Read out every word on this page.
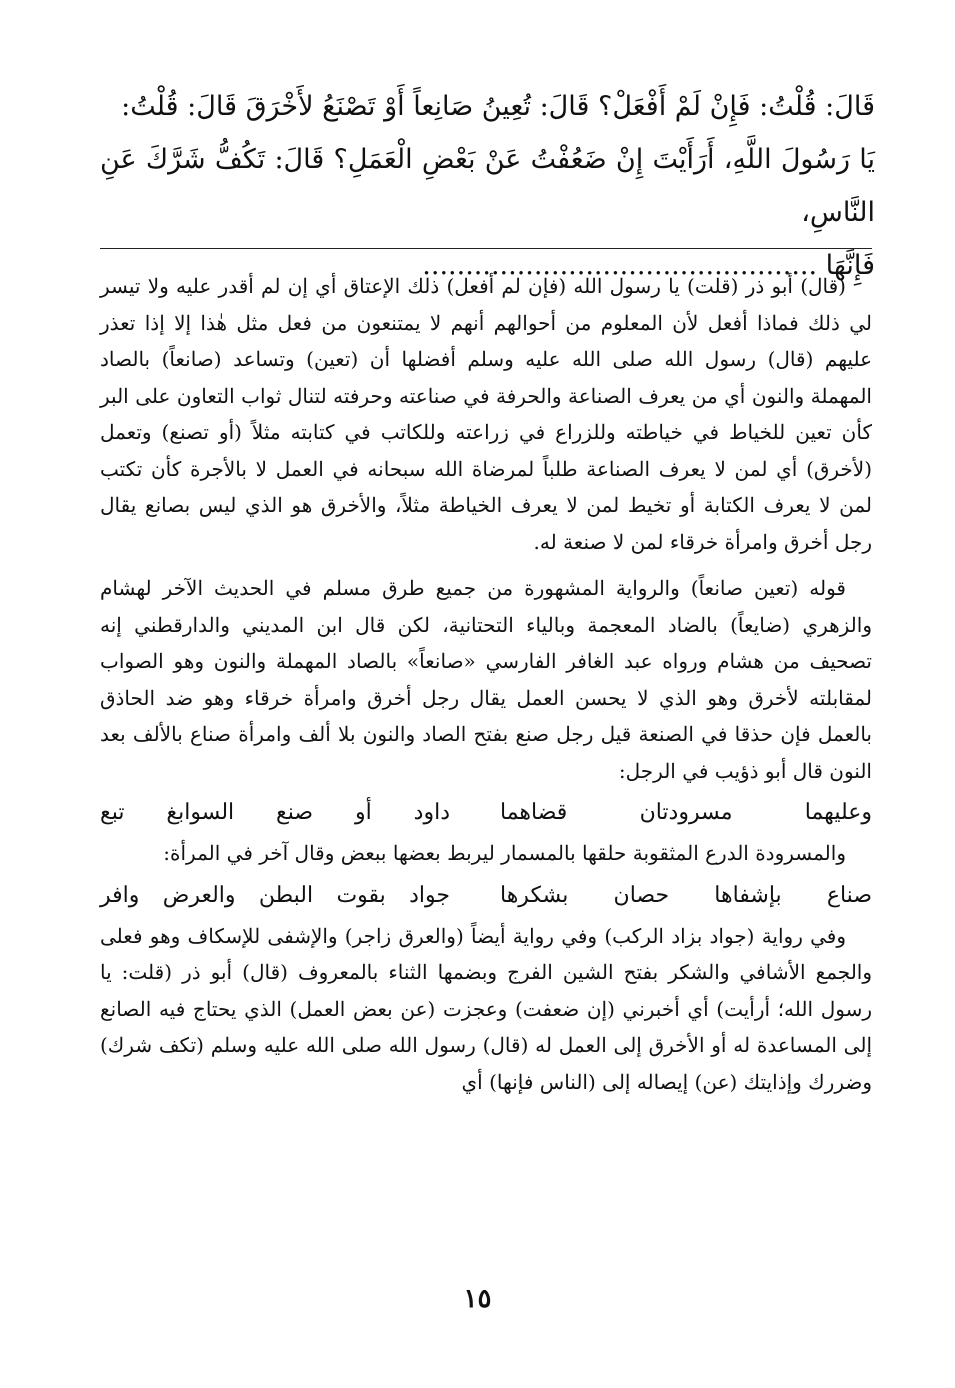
قَالَ: قُلْتُ: فَإِنْ لَمْ أَفْعَلْ؟ قَالَ: تُعِينُ صَانِعاً أَوْ تَصْنَعُ لأَخْرَقَ قَالَ: قُلْتُ:
يَا رَسُولَ اللَّهِ، أَرَأَيْتَ إِنْ ضَعُفْتُ عَنْ بَعْضِ الْعَمَلِ؟ قَالَ: تَكُفُّ شَرَّكَ عَنِ النَّاسِ،
فَإِنَّهَا ..............................................

(قال) أبو ذر (قلت) يا رسول الله (فإن لم أفعل) ذلك الإعتاق أي إن لم أقدر عليه ولا تيسر لي ذلك فماذا أفعل لأن المعلوم من أحوالهم أنهم لا يمتنعون من فعل مثل هٰذا إلا إذا تعذر عليهم (قال) رسول الله صلى الله عليه وسلم أفضلها أن (تعين) وتساعد (صانعاً) بالصاد المهملة والنون أي من يعرف الصناعة والحرفة في صناعته وحرفته لتنال ثواب التعاون على البر كأن تعين للخياط في خياطته وللزراع في زراعته وللكاتب في كتابته مثلاً (أو تصنع) وتعمل (لأخرق) أي لمن لا يعرف الصناعة طلباً لمرضاة الله سبحانه في العمل لا بالأجرة كأن تكتب لمن لا يعرف الكتابة أو تخيط لمن لا يعرف الخياطة مثلاً، والأخرق هو الذي ليس بصانع يقال رجل أخرق وامرأة خرقاء لمن لا صنعة له.

قوله (تعين صانعاً) والرواية المشهورة من جميع طرق مسلم في الحديث الآخر لهشام والزهري (ضايعاً) بالضاد المعجمة وبالياء التحتانية، لكن قال ابن المديني والدارقطني إنه تصحيف من هشام ورواه عبد الغافر الفارسي «صانعاً» بالصاد المهملة والنون وهو الصواب لمقابلته لأخرق وهو الذي لا يحسن العمل يقال رجل أخرق وامرأة خرقاء وهو ضد الحاذق بالعمل فإن حذقا في الصنعة قيل رجل صنع بفتح الصاد والنون بلا ألف وامرأة صناع بالألف بعد النون قال أبو ذؤيب في الرجل:

وعليهما مسرودتان قضاهما
داود أو صنع السوابغ تبع

والمسرودة الدرع المثقوبة حلقها بالمسمار ليربط بعضها ببعض وقال آخر في المرأة:

صناع بإشفاها حصان بشكرها
جواد بقوت البطن والعرض وافر

وفي رواية (جواد بزاد الركب) وفي رواية أيضاً (والعرق زاجر) والإشفى للإسكاف وهو فعلى والجمع الأشافي والشكر بفتح الشين الفرج وبضمها الثناء بالمعروف (قال) أبو ذر (قلت: يا رسول الله؛ أرأيت) أي أخبرني (إن ضعفت) وعجزت (عن بعض العمل) الذي يحتاج فيه الصانع إلى المساعدة له أو الأخرق إلى العمل له (قال) رسول الله صلى الله عليه وسلم (تكف شرك) وضررك وإذايتك (عن) إيصاله إلى (الناس فإنها) أي

١٥
